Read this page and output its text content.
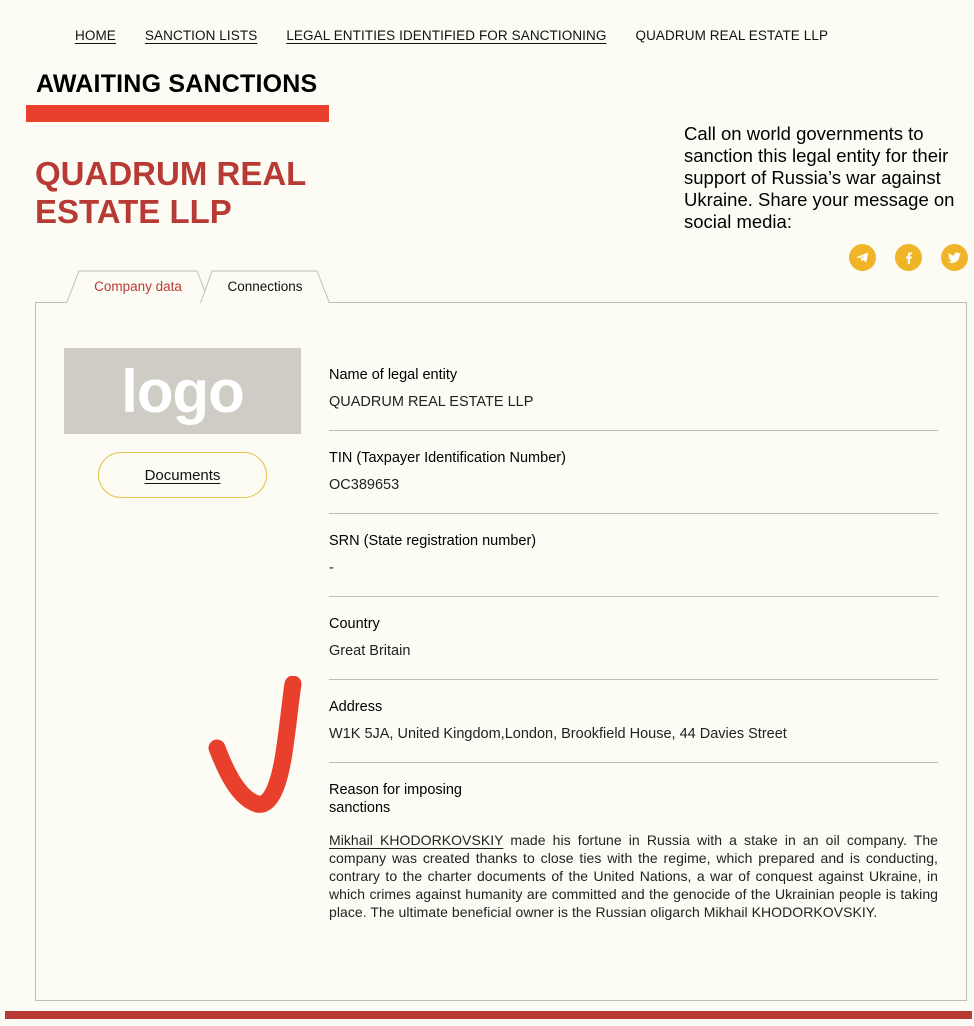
HOME SANCTION LISTS LEGAL ENTITIES IDENTIFIED FOR SANCTIONING QUADRUM REAL ESTATE LLP
AWAITING SANCTIONS
QUADRUM REAL ESTATE LLP
Call on world governments to sanction this legal entity for their support of Russia’s war against Ukraine. Share your message on social media:
Company data	Connections
logo
Documents
Name of legal entity
QUADRUM REAL ESTATE LLP
TIN (Taxpayer Identification Number)
OC389653
SRN (State registration number)
-
Country
Great Britain
Address
W1K 5JA, United Kingdom,London, Brookfield House, 44 Davies Street
Reason for imposing sanctions
Mikhail KHODORKOVSKIY made his fortune in Russia with a stake in an oil company. The company was created thanks to close ties with the regime, which prepared and is conducting, contrary to the charter documents of the United Nations, a war of conquest against Ukraine, in which crimes against humanity are committed and the genocide of the Ukrainian people is taking place. The ultimate beneficial owner is the Russian oligarch Mikhail KHODORKOVSKIY.
